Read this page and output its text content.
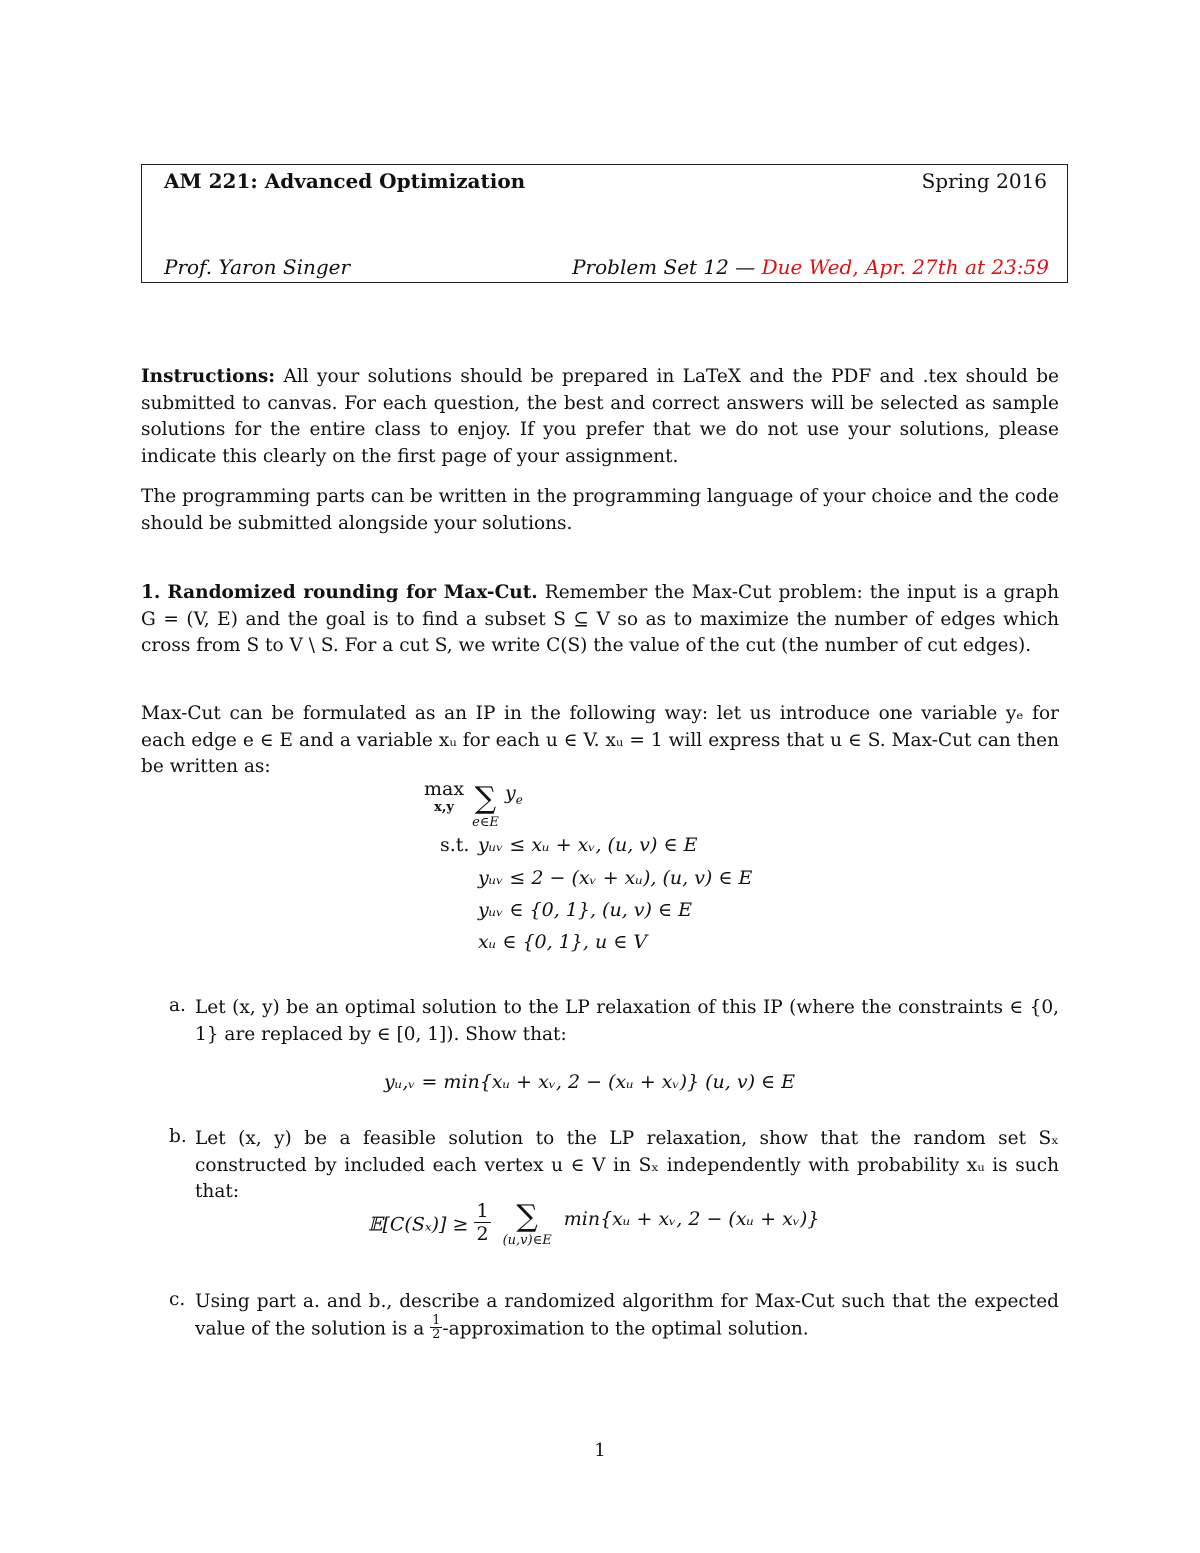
AM 221: Advanced Optimization	Spring 2016
Prof. Yaron Singer	Problem Set 12 — Due Wed, Apr. 27th at 23:59
Instructions: All your solutions should be prepared in LaTeX and the PDF and .tex should be submitted to canvas. For each question, the best and correct answers will be selected as sample solutions for the entire class to enjoy. If you prefer that we do not use your solutions, please indicate this clearly on the first page of your assignment.
The programming parts can be written in the programming language of your choice and the code should be submitted alongside your solutions.
1. Randomized rounding for Max-Cut. Remember the Max-Cut problem: the input is a graph G = (V, E) and the goal is to find a subset S ⊆ V so as to maximize the number of edges which cross from S to V \ S. For a cut S, we write C(S) the value of the cut (the number of cut edges).
Max-Cut can be formulated as an IP in the following way: let us introduce one variable yₑ for each edge e ∈ E and a variable xᵤ for each u ∈ V. xᵤ = 1 will express that u ∈ S. Max-Cut can then be written as:
max
$^{x,y}$ ∑
$^{e\in E}$ $y_e$
s.t. yᵤᵥ ≤ xᵤ + xᵥ, (u, v) ∈ E
yᵤᵥ ≤ 2 − (xᵥ + xᵤ), (u, v) ∈ E
yᵤᵥ ∈ {0, 1}, (u, v) ∈ E
xᵤ ∈ {0, 1}, u ∈ V
a. Let (x, y) be an optimal solution to the LP relaxation of this IP (where the constraints ∈ {0, 1} are replaced by ∈ [0, 1]). Show that:
yᵤ,ᵥ = min{xᵤ + xᵥ, 2 − (xᵤ + xᵥ)} (u, v) ∈ E
b. Let (x, y) be a feasible solution to the LP relaxation, show that the random set Sₓ constructed by included each vertex u ∈ V in Sₓ independently with probability xᵤ is such that:
𝔼[C(Sₓ)] ≥ $\frac{1}{2}$ ∑
$^{(u,v)\in E}$ min{xᵤ + xᵥ, 2 − (xᵤ + xᵥ)}
c. Using part a. and b., describe a randomized algorithm for Max-Cut such that the expected value of the solution is a $\frac{1}{2}$ -approximation to the optimal solution.
1
